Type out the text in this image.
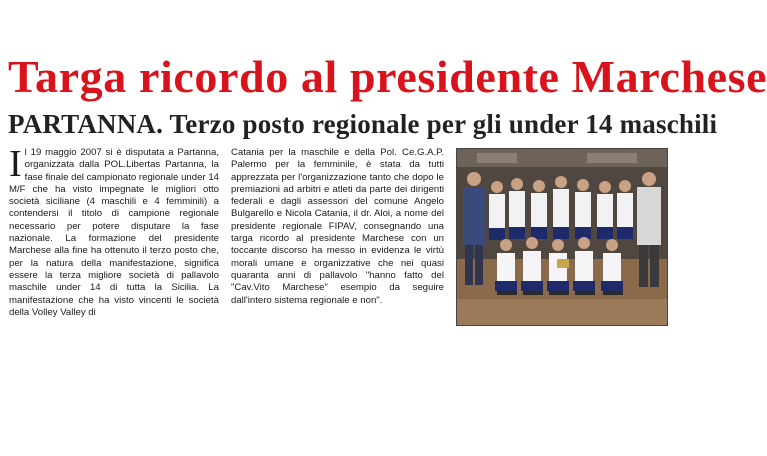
Targa ricordo al presidente Marchese
PARTANNA. Terzo posto regionale per gli under 14 maschili

Il 19 maggio 2007 si è disputata a Partanna, organizzata dalla POL.Libertas Partanna, la fase finale del campionato regionale under 14 M/F che ha visto impegnate le migliori otto società siciliane (4 maschili e 4 femminili) a contendersi il titolo di campione regionale necessario per potere disputare la fase nazionale. La formazione del presidente Marchese alla fine ha ottenuto il terzo posto che, per la natura della manifestazione, significa essere la terza migliore società di pallavolo maschile under 14 di tutta la Sicilia. La manifestazione che ha visto vincenti le società della Volley Valley di

Catania per la maschile e della Pol. Ce.G.A.P. Palermo per la femminile, è stata da tutti apprezzata per l'organizzazione tanto che dopo le premiazioni ad arbitri e atleti da parte dei dirigenti federali e dagli assessori del comune Angelo Bulgarello e Nicola Catania, il dr. Aloi, a nome del presidente regionale FIPAV, consegnando una targa ricordo al presidente Marchese con un toccante discorso ha messo in evidenza le virtù morali umane e organizzative che nei quasi quaranta anni di pallavolo "hanno fatto del "Cav.Vito Marchese" esempio da seguire dall'intero sistema regionale e non".
